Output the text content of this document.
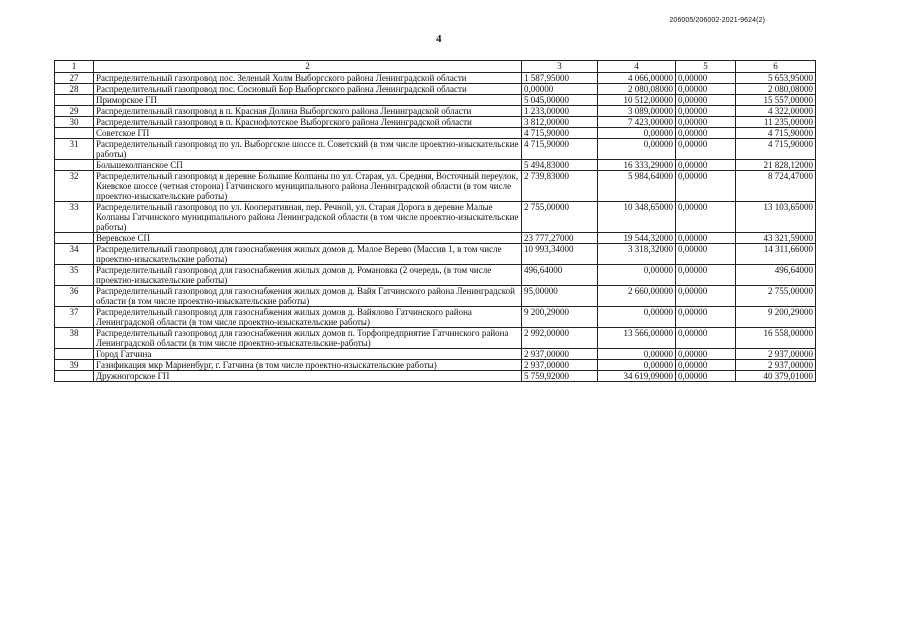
206005/206002-2021-9624(2)
4
1	2	3	4	5	6
27	Распределительный газопровод пос. Зеленый Холм Выборгского района Ленинградской области	1 587,95000	4 066,00000	0,00000	5 653,95000
28	Распределительный газопровод пос. Сосновый Бор Выборгского района Ленинградской области	0,00000	2 080,08000	0,00000	2 080,08000
	Приморское ГП	5 045,00000	10 512,00000	0,00000	15 557,00000
29	Распределительный газопровод в п. Красная Долина Выборгского района Ленинградской области	1 233,00000	3 089,00000	0,00000	4 322,00000
30	Распределительный газопровод в п. Краснофлотское Выборгского района Ленинградской области	3 812,00000	7 423,00000	0,00000	11 235,00000
	Советское ГП	4 715,90000	0,00000	0,00000	4 715,90000
31	Распределительный газопровод по ул. Выборгское шоссе п. Советский (в том числе проектно-изыскательские работы)	4 715,90000	0,00000	0,00000	4 715,90000
	Большеколпанское СП	5 494,83000	16 333,29000	0,00000	21 828,12000
32	Распределительный газопровод в деревне Большие Колпаны по ул. Старая, ул. Средняя, Восточный переулок, Киевское шоссе (четная сторона) Гатчинского муниципального района Ленинградской области (в том числе проектно-изыскательские работы)	2 739,83000	5 984,64000	0,00000	8 724,47000
33	Распределительный газопровод по ул. Кооперативная, пер. Речной, ул. Старая Дорога в деревне Малые Колпаны Гатчинского муниципального района Ленинградской области (в том числе проектно-изыскательские работы)	2 755,00000	10 348,65000	0,00000	13 103,65000
	Веревское СП	23 777,27000	19 544,32000	0,00000	43 321,59000
34	Распределительный газопровод для газоснабжения жилых домов д. Малое Верево (Массив 1, в том числе проектно-изыскательские работы)	10 993,34000	3 318,32000	0,00000	14 311,66000
35	Распределительный газопровод для газоснабжения жилых домов д. Романовка (2 очередь, (в том числе проектно-изыскательские работы)	496,64000	0,00000	0,00000	496,64000
36	Распределительный газопровод для газоснабжения жилых домов д. Вайя Гатчинского района Ленинградской области (в том числе проектно-изыскательские работы)	95,00000	2 660,00000	0,00000	2 755,00000
37	Распределительный газопровод для газоснабжения жилых домов д. Вайялово Гатчинского района Ленинградской области (в том числе проектно-изыскательские работы)	9 200,29000	0,00000	0,00000	9 200,29000
38	Распределительный газопровод для газоснабжения жилых домов п. Торфопредприятие Гатчинского района Ленинградской области (в том числе проектно-изыскательские-работы)	2 992,00000	13 566,00000	0,00000	16 558,00000
	Город Гатчина	2 937,00000	0,00000	0,00000	2 937,00000
39	Газификация мкр Мариенбург, г. Гатчина (в том числе проектно-изыскательские работы)	2 937,00000	0,00000	0,00000	2 937,00000
	Дружногорское ГП	5 759,92000	34 619,09000	0,00000	40 379,01000
